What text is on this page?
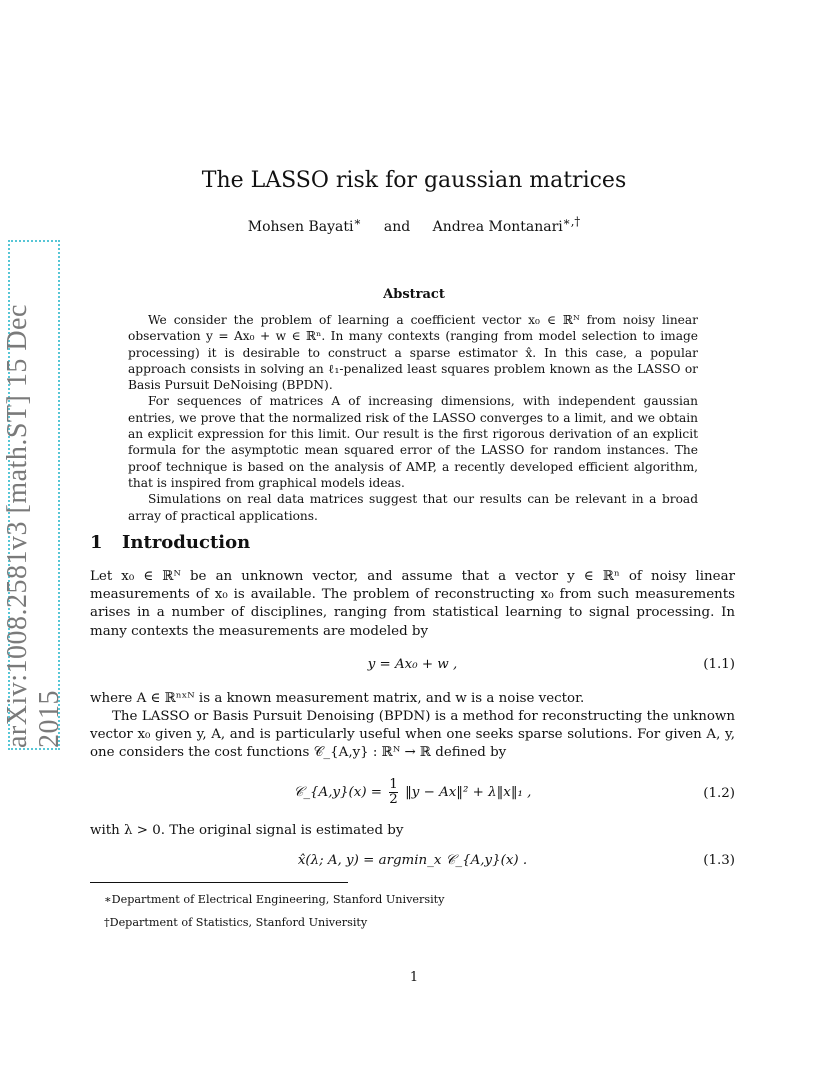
arXiv:1008.2581v3 [math.ST] 15 Dec 2015
The LASSO risk for gaussian matrices
Mohsen Bayati∗ and Andrea Montanari∗,†
Abstract

We consider the problem of learning a coefficient vector x₀ ∈ ℝᴺ from noisy linear observation y = Ax₀ + w ∈ ℝⁿ. In many contexts (ranging from model selection to image processing) it is desirable to construct a sparse estimator x̂. In this case, a popular approach consists in solving an ℓ₁-penalized least squares problem known as the LASSO or Basis Pursuit DeNoising (BPDN).

For sequences of matrices A of increasing dimensions, with independent gaussian entries, we prove that the normalized risk of the LASSO converges to a limit, and we obtain an explicit expression for this limit. Our result is the first rigorous derivation of an explicit formula for the asymptotic mean squared error of the LASSO for random instances. The proof technique is based on the analysis of AMP, a recently developed efficient algorithm, that is inspired from graphical models ideas.

Simulations on real data matrices suggest that our results can be relevant in a broad array of practical applications.

1 Introduction

Let x₀ ∈ ℝᴺ be an unknown vector, and assume that a vector y ∈ ℝⁿ of noisy linear measurements of x₀ is available. The problem of reconstructing x₀ from such measurements arises in a number of disciplines, ranging from statistical learning to signal processing. In many contexts the measurements are modeled by

y = Ax₀ + w ,	(1.1)

where A ∈ ℝⁿˣᴺ is a known measurement matrix, and w is a noise vector.

The LASSO or Basis Pursuit Denoising (BPDN) is a method for reconstructing the unknown vector x₀ given y, A, and is particularly useful when one seeks sparse solutions. For given A, y, one considers the cost functions 𝒞_{A,y} : ℝᴺ → ℝ defined by

𝒞_{A,y}(x) = $\frac{1}{2}$ ‖y − Ax‖² + λ‖x‖₁ ,	(1.2)

with λ > 0. The original signal is estimated by

x̂(λ; A, y) = argmin_x 𝒞_{A,y}(x) .	(1.3)
∗Department of Electrical Engineering, Stanford University
†Department of Statistics, Stanford University
1
